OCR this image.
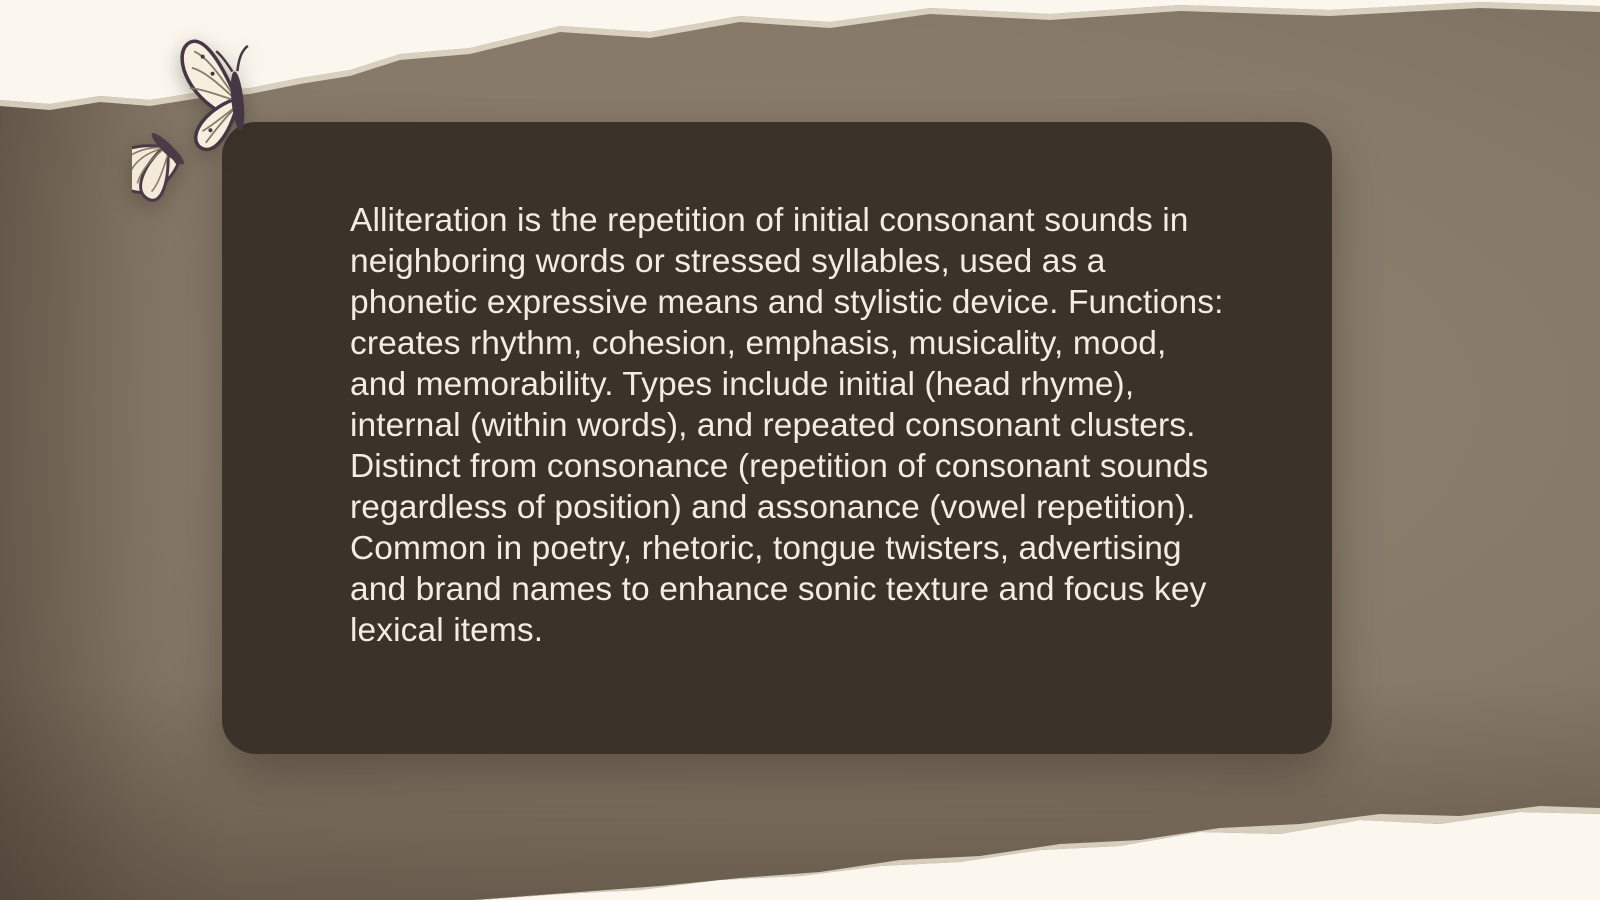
Alliteration is the repetition of initial consonant sounds in neighboring words or stressed syllables, used as a phonetic expressive means and stylistic device. Functions: creates rhythm, cohesion, emphasis, musicality, mood, and memorability. Types include initial (head rhyme), internal (within words), and repeated consonant clusters. Distinct from consonance (repetition of consonant sounds regardless of position) and assonance (vowel repetition). Common in poetry, rhetoric, tongue twisters, advertising and brand names to enhance sonic texture and focus key lexical items.
